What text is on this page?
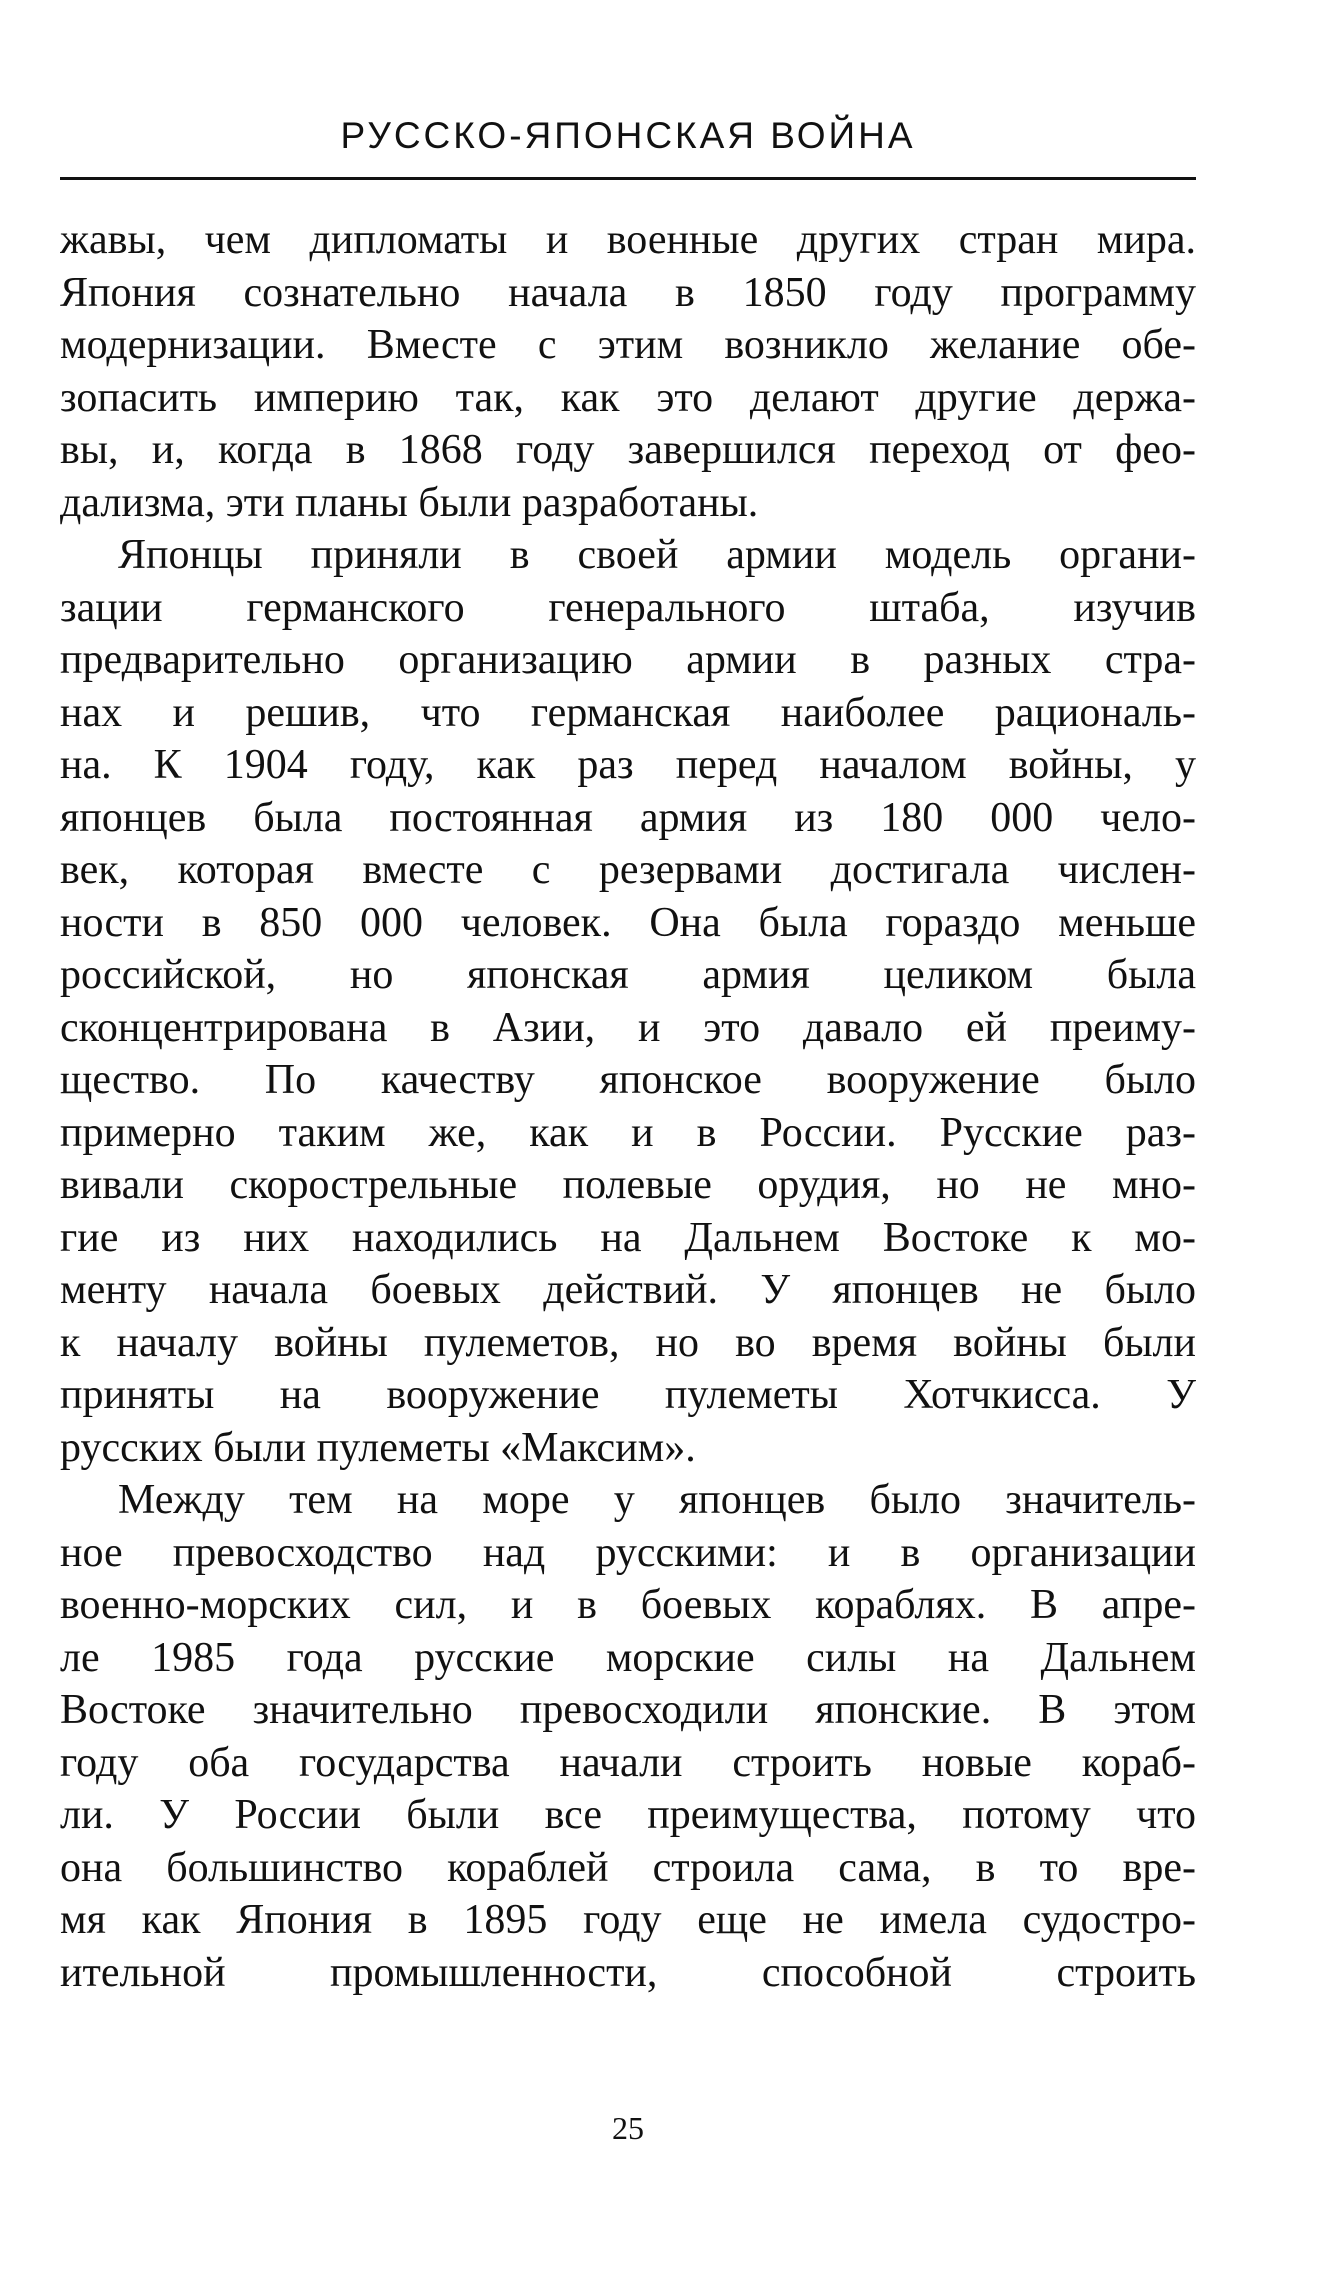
РУССКО-ЯПОНСКАЯ ВОЙНА

жавы, чем дипломаты и военные других стран мира.
Япония сознательно начала в 1850 году программу
модернизации. Вместе с этим возникло желание обе-
зопасить империю так, как это делают другие держа-
вы, и, когда в 1868 году завершился переход от фео-
дализма, эти планы были разработаны.

Японцы приняли в своей армии модель органи-
зации германского генерального штаба, изучив
предварительно организацию армии в разных стра-
нах и решив, что германская наиболее рациональ-
на. К 1904 году, как раз перед началом войны, у
японцев была постоянная армия из 180 000 чело-
век, которая вместе с резервами достигала числен-
ности в 850 000 человек. Она была гораздо меньше
российской, но японская армия целиком была
сконцентрирована в Азии, и это давало ей преиму-
щество. По качеству японское вооружение было
примерно таким же, как и в России. Русские раз-
вивали скорострельные полевые орудия, но не мно-
гие из них находились на Дальнем Востоке к мо-
менту начала боевых действий. У японцев не было
к началу войны пулеметов, но во время войны были
приняты на вооружение пулеметы Хотчкисса. У
русских были пулеметы «Максим».

Между тем на море у японцев было значитель-
ное превосходство над русскими: и в организации
военно-морских сил, и в боевых кораблях. В апре-
ле 1985 года русские морские силы на Дальнем
Востоке значительно превосходили японские. В этом
году оба государства начали строить новые кораб-
ли. У России были все преимущества, потому что
она большинство кораблей строила сама, в то вре-
мя как Япония в 1895 году еще не имела судостро-
ительной промышленности, способной строить

25
